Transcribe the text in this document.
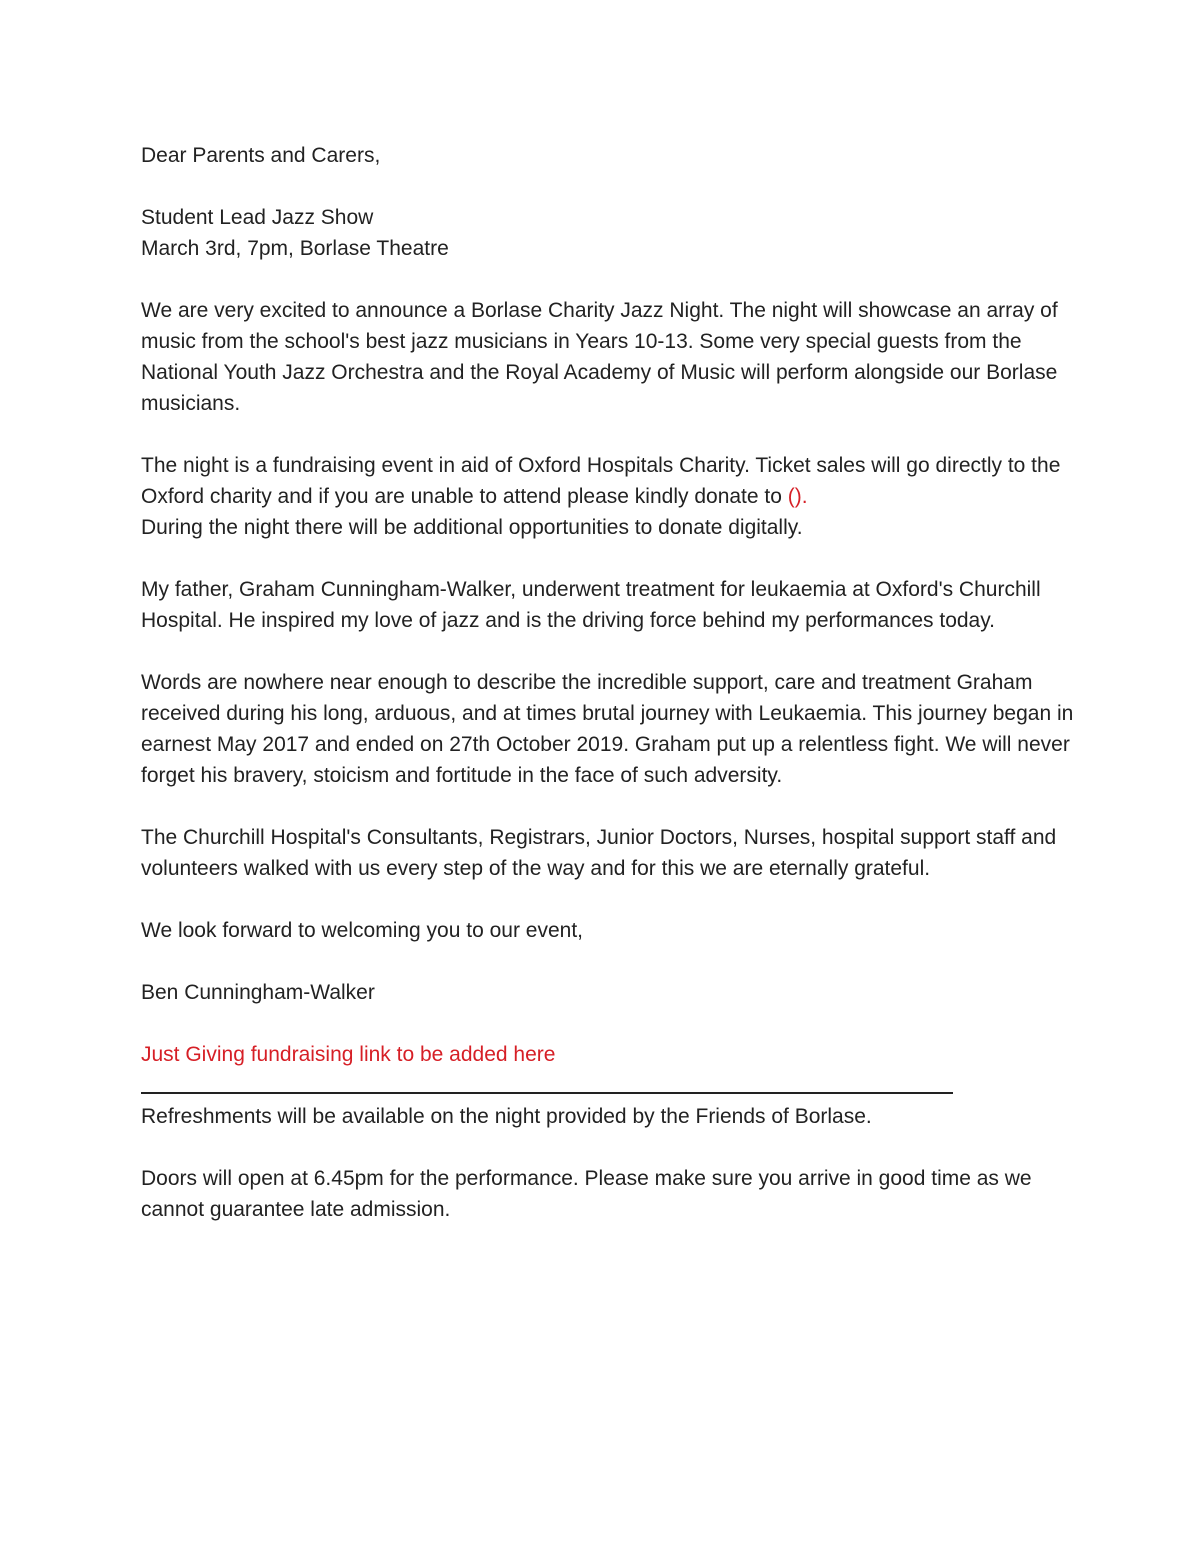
Dear Parents and Carers,

Student Lead Jazz Show

March 3rd, 7pm, Borlase Theatre

We are very excited to announce a Borlase Charity Jazz Night. The night will showcase an array of music from the school's best jazz musicians in Years 10-13. Some very special guests from the National Youth Jazz Orchestra and the Royal Academy of Music will perform alongside our Borlase musicians.

The night is a fundraising event in aid of Oxford Hospitals Charity. Ticket sales will go directly to the Oxford charity and if you are unable to attend please kindly donate to ().
During the night there will be additional opportunities to donate digitally.

My father, Graham Cunningham-Walker, underwent treatment for leukaemia at Oxford's Churchill Hospital. He inspired my love of jazz and is the driving force behind my performances today.

Words are nowhere near enough to describe the incredible support, care and treatment Graham received during his long, arduous, and at times brutal journey with Leukaemia. This journey began in earnest May 2017 and ended on 27th October 2019. Graham put up a relentless fight. We will never forget his bravery, stoicism and fortitude in the face of such adversity.

The Churchill Hospital's Consultants, Registrars, Junior Doctors, Nurses, hospital support staff and volunteers walked with us every step of the way and for this we are eternally grateful.

We look forward to welcoming you to our event,

Ben Cunningham-Walker

Just Giving fundraising link to be added here

Refreshments will be available on the night provided by the Friends of Borlase.

Doors will open at 6.45pm for the performance. Please make sure you arrive in good time as we cannot guarantee late admission.
